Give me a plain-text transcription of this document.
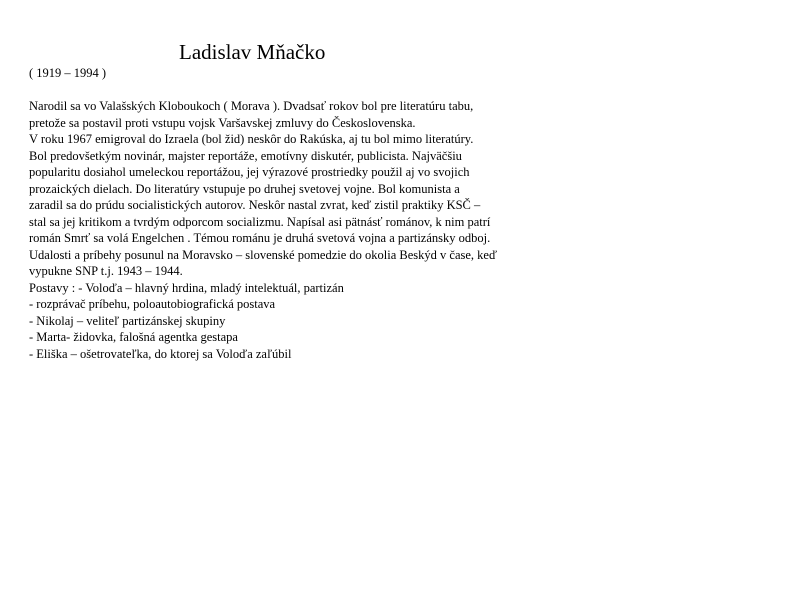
Ladislav Mňačko
( 1919 – 1994 )
Narodil sa vo Valašských Kloboukoch ( Morava ). Dvadsať rokov bol pre literatúru tabu,
pretože sa postavil proti vstupu vojsk Varšavskej zmluvy do Československa.
V roku 1967 emigroval do Izraela (bol žid) neskôr do Rakúska, aj tu bol mimo literatúry.
Bol predovšetkým novinár, majster reportáže, emotívny diskutér, publicista. Najväčšiu
popularitu dosiahol umeleckou reportážou, jej výrazové prostriedky použil aj vo svojich
prozaických dielach. Do literatúry vstupuje po druhej svetovej vojne. Bol komunista a
zaradil sa do prúdu socialistických autorov. Neskôr nastal zvrat, keď zistil praktiky KSČ –
stal sa jej kritikom a tvrdým odporcom socializmu. Napísal asi pätnásť románov, k nim patrí
román Smrť sa volá Engelchen . Témou románu je druhá svetová vojna a partizánsky odboj.
Udalosti a príbehy posunul na Moravsko – slovenské pomedzie do okolia Beskýd v čase, keď
vypukne SNP t.j. 1943 – 1944.
Postavy : - Voloďa – hlavný hrdina, mladý intelektuál, partizán
- rozprávač príbehu, poloautobiografická postava
- Nikolaj – veliteľ partizánskej skupiny
- Marta- židovka, falošná agentka gestapa
- Eliška – ošetrovateľka, do ktorej sa Voloďa zaľúbil
